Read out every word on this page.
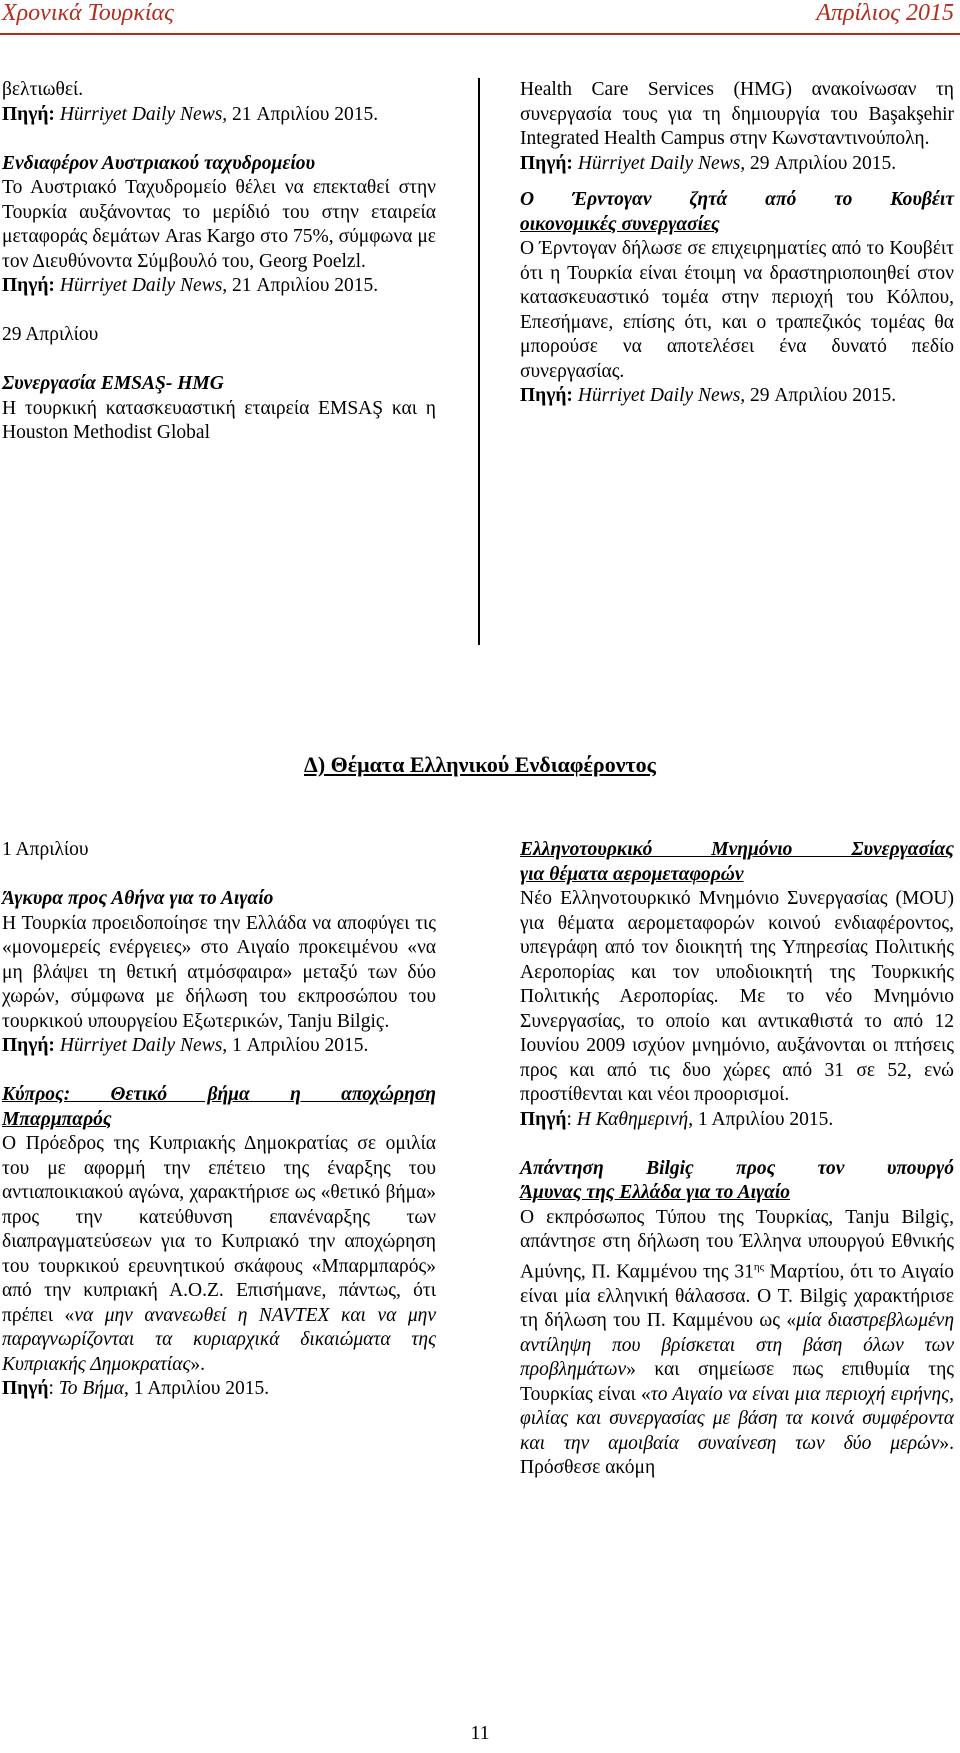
Χρονικά Τουρκίας	Απρίλιος 2015

βελτιωθεί.

Πηγή: Hürriyet Daily News, 21 Απριλίου 2015.

Ενδιαφέρον Αυστριακού ταχυδρομείου

Το Αυστριακό Ταχυδρομείο θέλει να επεκταθεί στην Τουρκία αυξάνοντας το μερίδιό του στην εταιρεία μεταφοράς δεμάτων Aras Kargo στο 75%, σύμφωνα με τον Διευθύνοντα Σύμβουλό του, Georg Poelzl.

Πηγή: Hürriyet Daily News, 21 Απριλίου 2015.

29 Απριλίου

Συνεργασία EMSAŞ- HMG

Η τουρκική κατασκευαστική εταιρεία EMSAŞ και η Houston Methodist Global

Health Care Services (HMG) ανακοίνωσαν τη συνεργασία τους για τη δημιουργία του Başakşehir Integrated Health Campus στην Κωνσταντινούπολη.

Πηγή: Hürriyet Daily News, 29 Απριλίου 2015.

Ο Έρντογαν ζητά από το Κουβέιτ

οικονομικές συνεργασίες

Ο Έρντογαν δήλωσε σε επιχειρηματίες από το Κουβέιτ ότι η Τουρκία είναι έτοιμη να δραστηριοποιηθεί στον κατασκευαστικό τομέα στην περιοχή του Κόλπου, Επεσήμανε, επίσης ότι, και ο τραπεζικός τομέας θα μπορούσε να αποτελέσει ένα δυνατό πεδίο συνεργασίας.

Πηγή: Hürriyet Daily News, 29 Απριλίου 2015.

Δ) Θέματα Ελληνικού Ενδιαφέροντος

1 Απριλίου

Άγκυρα προς Αθήνα για το Αιγαίο

Η Τουρκία προειδοποίησε την Ελλάδα να αποφύγει τις «μονομερείς ενέργειες» στο Αιγαίο προκειμένου «να μη βλάψει τη θετική ατμόσφαιρα» μεταξύ των δύο χωρών, σύμφωνα με δήλωση του εκπροσώπου του τουρκικού υπουργείου Εξωτερικών, Tanju Bilgiç.

Πηγή: Hürriyet Daily News, 1 Απριλίου 2015.

Κύπρος: Θετικό βήμα η αποχώρηση

Μπαρμπαρός

Ο Πρόεδρος της Κυπριακής Δημοκρατίας σε ομιλία του με αφορμή την επέτειο της έναρξης του αντιαποικιακού αγώνα, χαρακτήρισε ως «θετικό βήμα» προς την κατεύθυνση επανέναρξης των διαπραγματεύσεων για το Κυπριακό την αποχώρηση του τουρκικού ερευνητικού σκάφους «Μπαρμπαρός» από την κυπριακή Α.Ο.Ζ. Επισήμανε, πάντως, ότι πρέπει «να μην ανανεωθεί η NAVTEX και να μην παραγνωρίζονται τα κυριαρχικά δικαιώματα της Κυπριακής Δημοκρατίας».

Πηγή: Το Βήμα, 1 Απριλίου 2015.

Ελληνοτουρκικό Μνημόνιο Συνεργασίας

για θέματα αερομεταφορών

Νέο Ελληνοτουρκικό Μνημόνιο Συνεργασίας (MOU) για θέματα αερομεταφορών κοινού ενδιαφέροντος, υπεγράφη από τον διοικητή της Υπηρεσίας Πολιτικής Αεροπορίας και τον υποδιοικητή της Τουρκικής Πολιτικής Αεροπορίας. Με το νέο Μνημόνιο Συνεργασίας, το οποίο και αντικαθιστά το από 12 Ιουνίου 2009 ισχύον μνημόνιο, αυξάνονται οι πτήσεις προς και από τις δυο χώρες από 31 σε 52, ενώ προστίθενται και νέοι προορισμοί.

Πηγή: Η Καθημερινή, 1 Απριλίου 2015.

Απάντηση Bilgiç προς τον υπουργό

Άμυνας της Ελλάδα για το Αιγαίο

Ο εκπρόσωπος Τύπου της Τουρκίας, Tanju Bilgiç, απάντησε στη δήλωση του Έλληνα υπουργού Εθνικής Αμύνης, Π. Καμμένου της $31^{\eta\varsigma}$ Μαρτίου, ότι το Αιγαίο είναι μία ελληνική θάλασσα. Ο Τ. Bilgiç χαρακτήρισε τη δήλωση του Π. Καμμένου ως «μία διαστρεβλωμένη αντίληψη που βρίσκεται στη βάση όλων των προβλημάτων» και σημείωσε πως επιθυμία της Τουρκίας είναι «το Αιγαίο να είναι μια περιοχή ειρήνης, φιλίας και συνεργασίας με βάση τα κοινά συμφέροντα και την αμοιβαία συναίνεση των δύο μερών». Πρόσθεσε ακόμη

11
